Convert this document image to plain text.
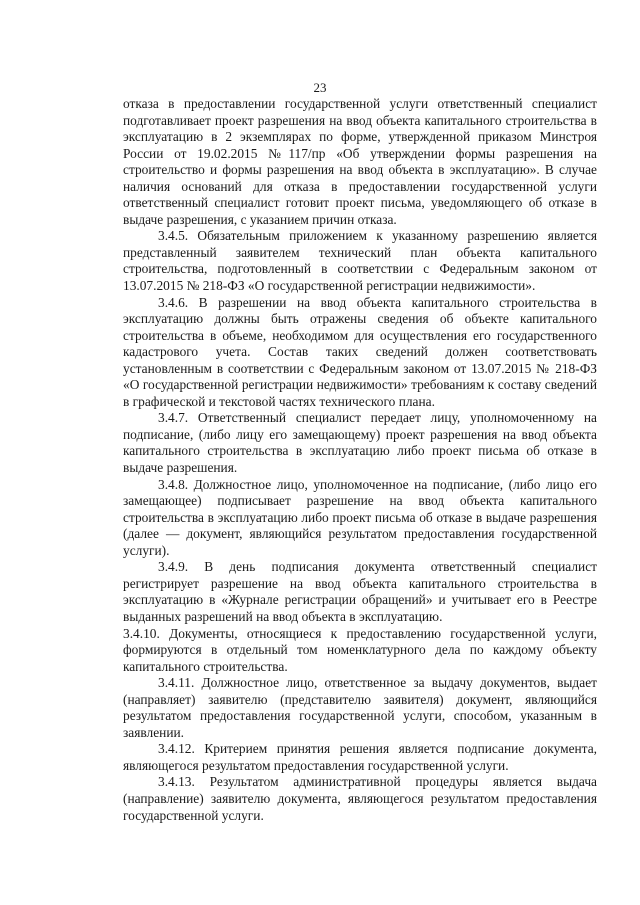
23

отказа в предоставлении государственной услуги ответственный специалист подготавливает проект разрешения на ввод объекта капитального строительства в эксплуатацию в 2 экземплярах по форме, утвержденной приказом Минстроя России от 19.02.2015 №117/пр «Об утверждении формы разрешения на строительство и формы разрешения на ввод объекта в эксплуатацию». В случае наличия оснований для отказа в предоставлении государственной услуги ответственный специалист готовит проект письма, уведомляющего об отказе в выдаче разрешения, с указанием причин отказа.

3.4.5. Обязательным приложением к указанному разрешению является представленный заявителем технический план объекта капитального строительства, подготовленный в соответствии с Федеральным законом от 13.07.2015 № 218-ФЗ «О государственной регистрации недвижимости».

3.4.6. В разрешении на ввод объекта капитального строительства в эксплуатацию должны быть отражены сведения об объекте капитального строительства в объеме, необходимом для осуществления его государственного кадастрового учета. Состав таких сведений должен соответствовать установленным в соответствии с Федеральным законом от 13.07.2015 № 218-ФЗ «О государственной регистрации недвижимости» требованиям к составу сведений в графической и текстовой частях технического плана.

3.4.7. Ответственный специалист передает лицу, уполномоченному на подписание, (либо лицу его замещающему) проект разрешения на ввод объекта капитального строительства в эксплуатацию либо проект письма об отказе в выдаче разрешения.

3.4.8. Должностное лицо, уполномоченное на подписание, (либо лицо его замещающее) подписывает разрешение на ввод объекта капитального строительства в эксплуатацию либо проект письма об отказе в выдаче разрешения (далее — документ, являющийся результатом предоставления государственной услуги).

3.4.9. В день подписания документа ответственный специалист регистрирует разрешение на ввод объекта капитального строительства в эксплуатацию в «Журнале регистрации обращений» и учитывает его в Реестре выданных разрешений на ввод объекта в эксплуатацию.

3.4.10. Документы, относящиеся к предоставлению государственной услуги, формируются в отдельный том номенклатурного дела по каждому объекту капитального строительства.

3.4.11. Должностное лицо, ответственное за выдачу документов, выдает (направляет) заявителю (представителю заявителя) документ, являющийся результатом предоставления государственной услуги, способом, указанным в заявлении.

3.4.12. Критерием принятия решения является подписание документа, являющегося результатом предоставления государственной услуги.

3.4.13. Результатом административной процедуры является выдача (направление) заявителю документа, являющегося результатом предоставления государственной услуги.
